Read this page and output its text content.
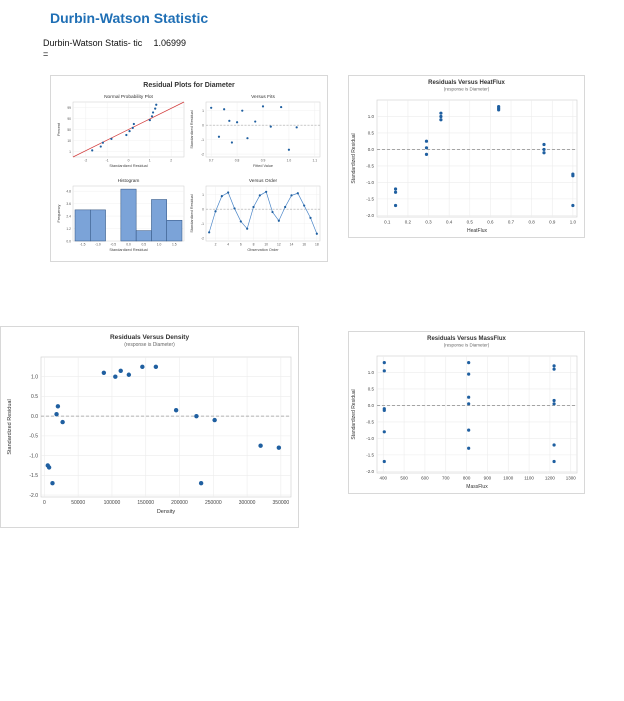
Durbin-Watson Statistic
Durbin-Watson Statis- tic = 1.06999
Residual Plots for Diameter
Normal Probability Plot
Standardized Residual
Percent
-2	-1	0	1	2
1
10
50
90
99
Versus Fits
Fitted Value
Standardized Residual
0.7	0.8	0.9	1.0	1.1
1
0
-1
-2
Histogram
Standardized Residual
Frequency
0.0
1.2
2.4
3.6
4.8
-1.5	-1.0	-0.5	0.0	0.5	1.0	1.5
Versus Order
Observation Order
Standardized Residual
2	4	6	8	10	12	14	16	18
1
0
-1
-2
Residuals Versus HeatFlux
(response is Diameter)
1.0
0.5
0.0
-0.5
-1.0
-1.5
-2.0
0.1	0.2	0.3	0.4	0.5	0.6	0.7	0.8	0.9	1.0
HeatFlux
Standardized Residual
Residuals Versus Density
(response is Diameter)
1.0
0.5
0.0
-0.5
-1.0
-1.5
-2.0
0	50000	100000	150000	200000	250000	300000	350000
Density
Standardized Residual
Residuals Versus MassFlux
(response is Diameter)
1.0
0.5
0.0
-0.5
-1.0
-1.5
-2.0
400	500	600	700	800	900	1000 1100 1200 1300
MassFlux
Standardized Residual
